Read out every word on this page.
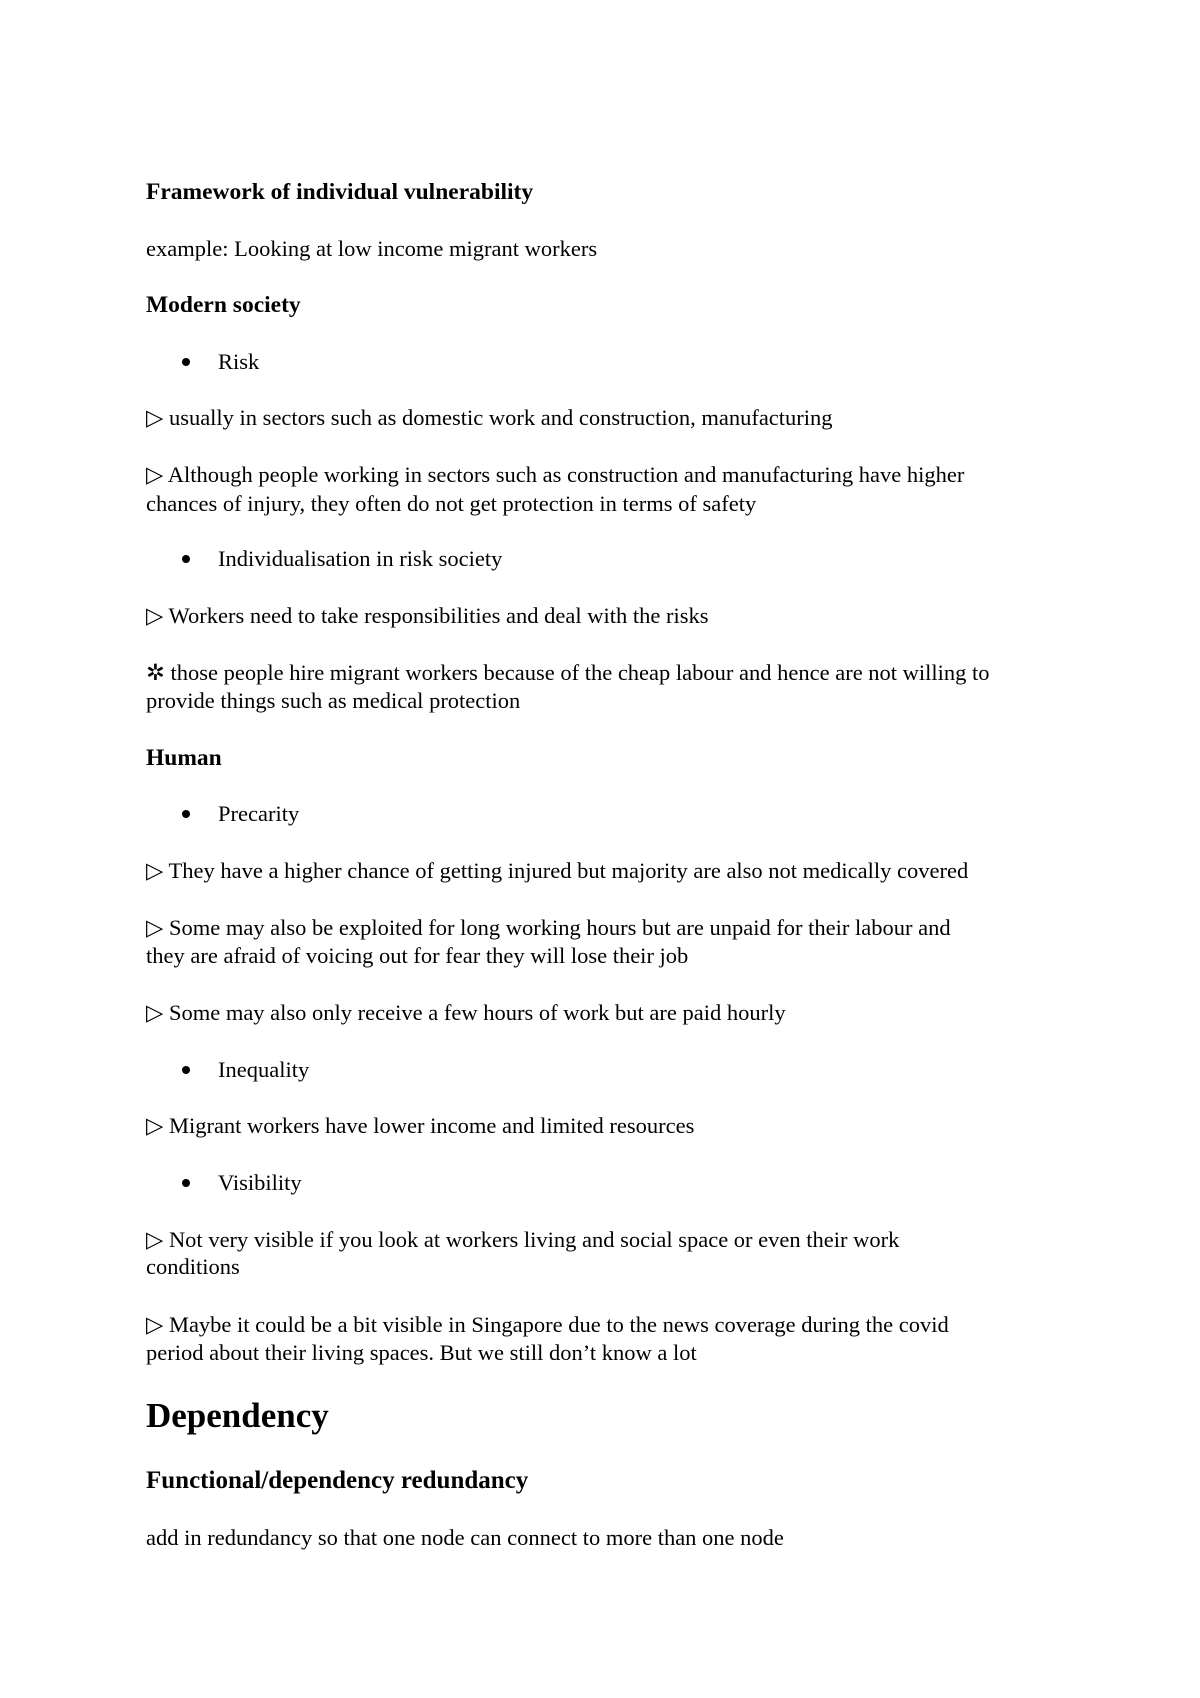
Framework of individual vulnerability

example: Looking at low income migrant workers

Modern society

Risk

▷ usually in sectors such as domestic work and construction, manufacturing

▷ Although people working in sectors such as construction and manufacturing have higher

chances of injury, they often do not get protection in terms of safety

Individualisation in risk society

▷ Workers need to take responsibilities and deal with the risks

✲ those people hire migrant workers because of the cheap labour and hence are not willing to

provide things such as medical protection

Human

Precarity

▷ They have a higher chance of getting injured but majority are also not medically covered

▷ Some may also be exploited for long working hours but are unpaid for their labour and

they are afraid of voicing out for fear they will lose their job

▷ Some may also only receive a few hours of work but are paid hourly

Inequality

▷ Migrant workers have lower income and limited resources

Visibility

▷ Not very visible if you look at workers living and social space or even their work

conditions

▷ Maybe it could be a bit visible in Singapore due to the news coverage during the covid

period about their living spaces. But we still don’t know a lot

Dependency

Functional/dependency redundancy

add in redundancy so that one node can connect to more than one node
